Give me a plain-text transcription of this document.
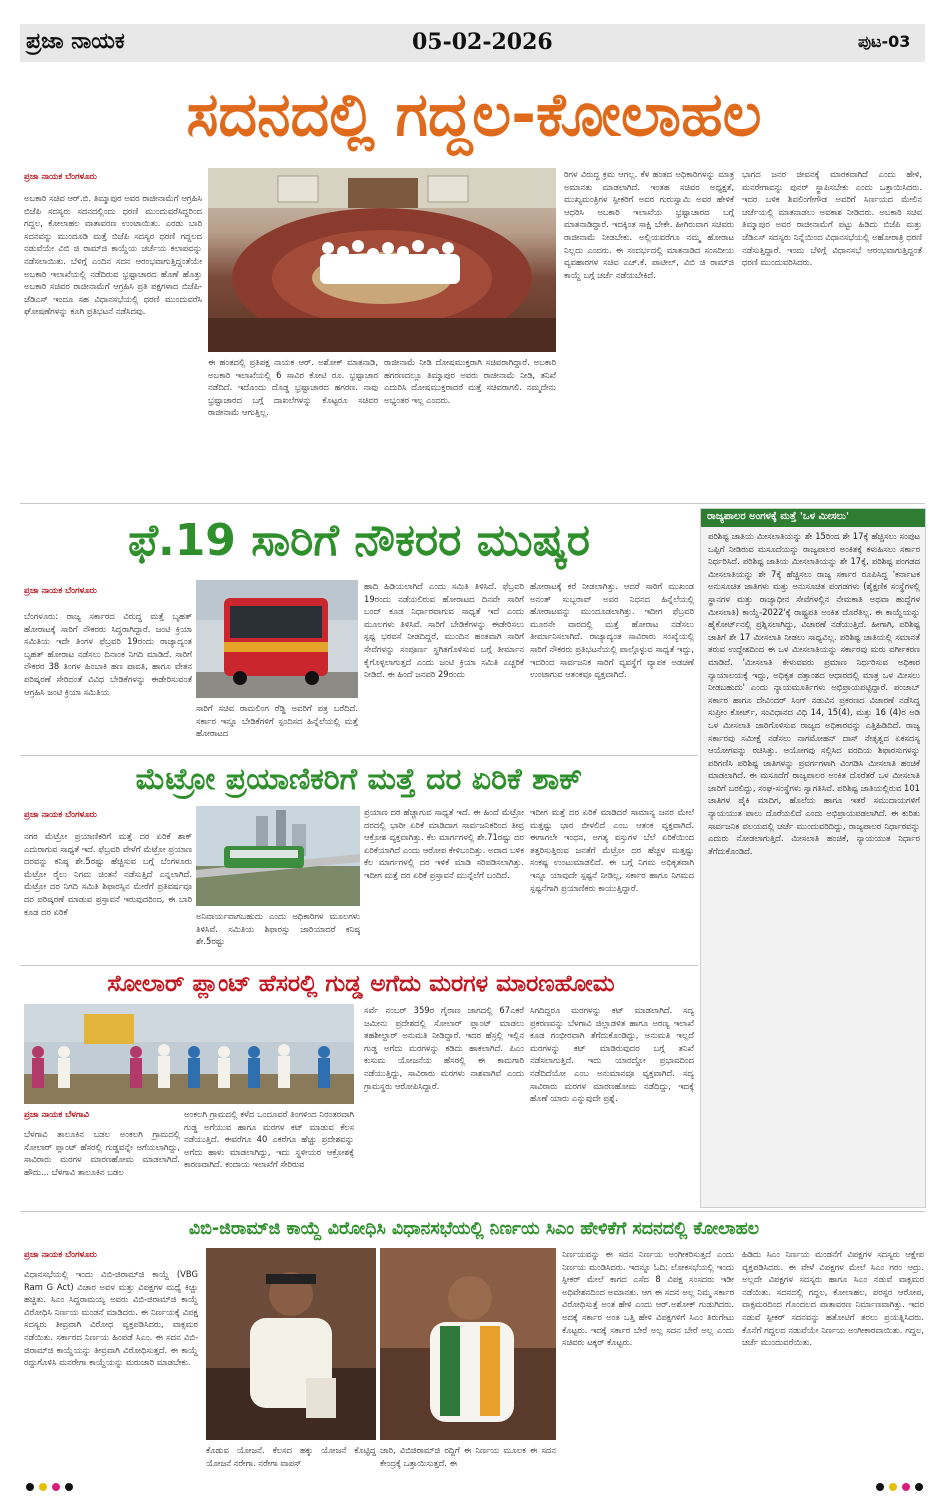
ಪ್ರಜಾ ನಾಯಕ	05-02-2026	ಪುಟ-03
ಸದನದಲ್ಲಿ ಗದ್ದಲ-ಕೋಲಾಹಲ
ಪ್ರಜಾ ನಾಯಕ ಬೆಂಗಳೂರು
ಅಬಕಾರಿ ಸಚಿವ ಆರ್.ಬಿ. ತಿಮ್ಮಾಪುರ ಅವರ ರಾಜೀನಾಮೆಗೆ ಆಗ್ರಹಿಸಿ ಬಿಜೆಪಿ ಸದಸ್ಯರು ಸದನದಲ್ಲಿಂದು ಧರಣಿ ಮುಂದುವರೆಸಿದ್ದರಿಂದ ಗದ್ದಲ, ಕೋಲಾಹಲ ವಾತಾವರಣ ಉಂಟಾಯಿತು. ಎರಡು ಬಾರಿ ಸದನವನ್ನು ಮುಂದೂಡಿ ಮತ್ತೆ ಬಿಜೆಪಿ ಸದಸ್ಯರ ಧರಣಿ ಗದ್ದಲದ ನಡುವೆಯೇ ವಿಬಿ ಜಿ ರಾಮ್‌ಜಿ ಕಾಯ್ದೆಯ ಚರ್ಚೆಯ ಕಲಾಪವನ್ನು ನಡೆಸಲಾಯಿತು. ಬೆಳಿಗ್ಗೆ ಎಂದಿನ ಸದನ ಆರಂಭವಾಗುತ್ತಿದ್ದಂತೆಯೇ ಅಬಕಾರಿ ಇಲಾಖೆಯಲ್ಲಿ ನಡೆದಿರುವ ಭ್ರಷ್ಟಾಚಾರದ ಹೊಣೆ ಹೊತ್ತು ಅಬಕಾರಿ ಸಚಿವರ ರಾಜೀನಾಮೆಗೆ ಆಗ್ರಹಿಸಿ ಪ್ರತಿ ಪಕ್ಷಗಳಾದ ಬಿಜೆಪಿ-ಜೆಡಿಎಸ್ ಇಂದೂ ಸಹ ವಿಧಾನಸಭೆಯಲ್ಲಿ ಧರಣಿ ಮುಂದುವರೆಸಿ ಘೋಷಣೆಗಳನ್ನು ಕೂಗಿ ಪ್ರತಿಭಟನೆ ನಡೆಸಿದವು.
ಈ ಹಂತದಲ್ಲಿ ಪ್ರತಿಪಕ್ಷ ನಾಯಕ ಆರ್. ಅಶೋಕ್ ಮಾತನಾಡಿ, ಅಬಕಾರಿ ಇಲಾಖೆಯಲ್ಲಿ 6 ಸಾವಿರ ಕೋಟಿ ರೂ. ಭ್ರಷ್ಟಾಚಾರ ನಡೆದಿದೆ. ಇದೊಂದು ದೊಡ್ಡ ಭ್ರಷ್ಟಾಚಾರದ ಹಗರಣ. ನಾವು ಭ್ರಷ್ಟಾಚಾರದ ಬಗ್ಗೆ ದಾಖಲೆಗಳನ್ನು ಕೊಟ್ಟರೂ ಸಚಿವರ ರಾಜೀನಾಮೆ ಆಗುತ್ತಿಲ್ಲ.
ರಾಜೀನಾಮೆ ನೀಡಿ ದೋಷಮುಕ್ತರಾಗಿ ಸಚಿವರಾಗಿದ್ದಾರೆ. ಅಬಕಾರಿ ಹಗರಣದಲ್ಲೂ ತಿಮ್ಮಾಪುರ ಅವರು ರಾಜೀನಾಮೆ ನೀಡಿ, ತನಿಖೆ ಎದುರಿಸಿ ದೋಷಮುಕ್ತರಾದರೆ ಮತ್ತೆ ಸಚಿವರಾಗಲಿ. ನಮ್ಮದೇನು ಅಭ್ಯಂತರ ಇಲ್ಲ ಎಂದರು.
ರಿಗಳ ವಿರುದ್ಧ ಕ್ರಮ ಆಗಲ್ಲ. ಕೆಳ ಹಂತದ ಅಧಿಕಾರಿಗಳನ್ನು ಮಾತ್ರ ಅಮಾನತು ಮಾಡಲಾಗಿದೆ. ಇಂತಹ ಸಚಿವರ ಅಧ್ಯಕ್ಷತೆ, ಮುಖ್ಯಮಂತ್ರಿಗಳ ಸ್ಪೀಕರಿಗೆ ಅವರ ಗುರುಸ್ವಾಮಿ ಅವರ ಹೇಳಿಕೆ ಆಧರಿಸಿ ಅಬಕಾರಿ ಇಲಾಖೆಯ ಭ್ರಷ್ಟಾಚಾರದ ಬಗ್ಗೆ ಮಾತನಾಡಿದ್ದಾರೆ. ಇದಕ್ಕಿಂತ ಸಾಕ್ಷಿ ಬೇಕೇ. ಹೀಗಿರುವಾಗ ಸಚಿವರು ರಾಜೀನಾಮೆ ನೀಡಬೇಕು. ಅಲ್ಲಿಯವರೆಗೂ ನಮ್ಮ ಹೋರಾಟ ನಿಲ್ಲದು ಎಂದರು. ಈ ಸಂದರ್ಭದಲ್ಲಿ ಮಾತನಾಡಿದ ಸಂಸದೀಯ ವ್ಯವಹಾರಗಳ ಸಚಿವ ಎಚ್.ಕೆ. ಪಾಟೀಲ್, ವಿಬಿ ಜಿ ರಾಮ್‌ಜಿ ಕಾಯ್ದೆ ಬಗ್ಗೆ ಚರ್ಚೆ ನಡೆಯಬೇಕಿದೆ.
ಭಾಗದ ಜನರ ಜೀವನಕ್ಕೆ ಮಾರಕವಾಗಿದೆ ಎಂದು ಹೇಳಿ, ಮನರೇಗಾವನ್ನು ಪುನರ್ ಸ್ಥಾಪಿಸಬೇಕು ಎಂದು ಒತ್ತಾಯಿಸಿದರು. ಇದರ ಬಳಿಕ ಶಿವಲಿಂಗೇಗೌಡ ಅವರಿಗೆ ಸಿರ್ಣಯದ ಮೇಲಿನ ಚರ್ಚೆಯಲ್ಲಿ ಮಾತನಾಡಲು ಅವಕಾಶ ನೀಡಿದರು. ಅಬಕಾರಿ ಸಚಿವ ತಿಮ್ಮಾಪುರ ಅವರ ರಾಜೀನಾಮೆಗೆ ಪಟ್ಟು ಹಿಡಿದು ಬಿಜೆಪಿ ಮತ್ತು ಜೆಡಿಎಸ್ ಸದಸ್ಯರು ನಿನ್ನೆಯಿಂದ ವಿಧಾನಸಭೆಯಲ್ಲಿ ಅಹೋರಾತ್ರಿ ಧರಣಿ ನಡೆಸುತ್ತಿದ್ದಾರೆ. ಇಂದು ಬೆಳಿಗ್ಗೆ ವಿಧಾನಸಭೆ ಆರಂಭವಾಗುತ್ತಿದ್ದಂತೆ ಧರಣಿ ಮುಂದುವರಿಸಿದರು.
ಫೆ.19 ಸಾರಿಗೆ ನೌಕರರ ಮುಷ್ಕರ
ಪ್ರಜಾ ನಾಯಕ ಬೆಂಗಳೂರು
ಬೆಂಗಳೂರು: ರಾಜ್ಯ ಸರ್ಕಾರದ ವಿರುದ್ಧ ಮತ್ತೆ ಬೃಹತ್ ಹೋರಾಟಕ್ಕೆ ಸಾರಿಗೆ ನೌಕರರು ಸಿದ್ಧರಾಗಿದ್ದಾರೆ. ಜಂಟಿ ಕ್ರಿಯಾ ಸಮಿತಿಯ ಇದೇ ತಿಂಗಳ ಫೆಬ್ರವರಿ 19ರಂದು ರಾಜ್ಯಾದ್ಯಂತ ಬೃಹತ್ ಹೋರಾಟ ನಡೆಸಲು ದಿನಾಂಕ ನಿಗದಿ ಮಾಡಿದೆ. ಸಾರಿಗೆ ನೌಕರರ 38 ತಿಂಗಳ ಹಿಂಬಾಕಿ ಹಣ ಪಾವತಿ, ಹಾಗೂ ವೇತನ ಪರಿಷ್ಕರಣೆ ಸೇರಿದಂತೆ ವಿವಿಧ ಬೇಡಿಕೆಗಳನ್ನು ಈಡೇರಿಸುವಂತೆ ಆಗ್ರಹಿಸಿ ಜಂಟಿ ಕ್ರಿಯಾ ಸಮಿತಿಯ
ಸಾರಿಗೆ ಸಚಿವ ರಾಮಲಿಂಗ ರೆಡ್ಡಿ ಅವರಿಗೆ ಪತ್ರ ಬರೆದಿದೆ. ಸರ್ಕಾರ ಇನ್ನೂ ಬೇಡಿಕೆಗಳಿಗೆ ಸ್ಪಂದಿಸದ ಹಿನ್ನೆಲೆಯಲ್ಲಿ ಮತ್ತೆ ಹೋರಾಟದ
ಹಾದಿ ಹಿಡಿಯಲಾಗಿದೆ ಎಂದು ಸಮಿತಿ ತಿಳಿಸಿದೆ. ಫೆಬ್ರವರಿ 19ರಂದು ನಡೆಯಲಿರುವ ಹೋರಾಟದ ದಿನವೇ ಸಾರಿಗೆ ಬಂದ್ ಕೂಡ ನಿರ್ಧಾರವಾಗುವ ಸಾಧ್ಯತೆ ಇದೆ ಎಂದು ಮೂಲಗಳು ತಿಳಿಸಿವೆ. ಸಾರಿಗೆ ಬೇಡಿಕೆಗಳನ್ನು ಈಡೇರಿಸಲು ಸ್ಪಷ್ಟ ಭರವಸೆ ನೀಡದಿದ್ದರೆ, ಮುಂದಿನ ಹಂತವಾಗಿ ಸಾರಿಗೆ ಸೇವೆಗಳನ್ನು ಸಂಪೂರ್ಣ ಸ್ಥಗಿತಗೊಳಿಸುವ ಬಗ್ಗೆ ತೀರ್ಮಾನ ಕೈಗೊಳ್ಳಲಾಗುತ್ತದೆ ಎಂದು ಜಂಟಿ ಕ್ರಿಯಾ ಸಮಿತಿ ಎಚ್ಚರಿಕೆ ನೀಡಿದೆ. ಈ ಹಿಂದೆ ಜನವರಿ 29ರಂದು
ಹೋರಾಟಕ್ಕೆ ಕರೆ ನೀಡಲಾಗಿತ್ತು. ಆದರೆ ಸಾರಿಗೆ ಮುಖಂಡ ಅನಂತ್ ಸುಬ್ಬರಾವ್ ಅವರ ನಿಧನದ ಹಿನ್ನೆಲೆಯಲ್ಲಿ ಹೋರಾಟವನ್ನು ಮುಂದೂಡಲಾಗಿತ್ತು. ಇದೀಗ ಫೆಬ್ರವರಿ ಮೂರನೇ ವಾರದಲ್ಲಿ ಮತ್ತೆ ಹೋರಾಟ ನಡೆಸಲು ತೀರ್ಮಾನಿಸಲಾಗಿದೆ. ರಾಜ್ಯಾದ್ಯಂತ ಸಾವಿರಾರು ಸಂಖ್ಯೆಯಲ್ಲಿ ಸಾರಿಗೆ ನೌಕರರು ಪ್ರತಿಭಟನೆಯಲ್ಲಿ ಪಾಲ್ಗೊಳ್ಳುವ ಸಾಧ್ಯತೆ ಇದ್ದು, ಇದರಿಂದ ಸಾರ್ವಜನಿಕ ಸಾರಿಗೆ ವ್ಯವಸ್ಥೆಗೆ ವ್ಯಾಪಕ ಅಡಚಣೆ ಉಂಟಾಗುವ ಆತಂಕವೂ ವ್ಯಕ್ತವಾಗಿದೆ.
ಮೆಟ್ರೋ ಪ್ರಯಾಣಿಕರಿಗೆ ಮತ್ತೆ ದರ ಏರಿಕೆ ಶಾಕ್
ಪ್ರಜಾ ನಾಯಕ ಬೆಂಗಳೂರು
ನಗರ ಮೆಟ್ರೋ ಪ್ರಯಾಣಿಕರಿಗೆ ಮತ್ತೆ ದರ ಏರಿಕೆ ಶಾಕ್ ಎದುರಾಗುವ ಸಾಧ್ಯತೆ ಇದೆ. ಫೆಬ್ರವರಿ ವೇಳೆಗೆ ಮೆಟ್ರೋ ಪ್ರಯಾಣ ದರವನ್ನು ಕನಿಷ್ಠ ಶೇ.5ರಷ್ಟು ಹೆಚ್ಚಿಸುವ ಬಗ್ಗೆ ಬೆಂಗಳೂರು ಮೆಟ್ರೋ ರೈಲು ನಿಗಮ ಚಿಂತನೆ ನಡೆಸುತ್ತಿದೆ ಎನ್ನಲಾಗಿದೆ. ಮೆಟ್ರೋ ದರ ನಿಗದಿ ಸಮಿತಿ ಶಿಫಾರಸ್ಸಿನ ಮೇರೆಗೆ ಪ್ರತಿವರ್ಷವೂ ದರ ಪರಿಷ್ಕರಣೆ ಮಾಡುವ ಪ್ರಸ್ತಾವನೆ ಇರುವುದರಿಂದ, ಈ ಬಾರಿ ಕೂಡ ದರ ಏರಿಕೆ	ಅನಿವಾರ್ಯವಾಗಬಹುದು ಎಂದು ಅಧಿಕಾರಿಗಳ ಮೂಲಗಳು ತಿಳಿಸಿವೆ. ಸಮಿತಿಯ ಶಿಫಾರಸ್ಸು ಜಾರಿಯಾದರೆ ಕನಿಷ್ಠ ಶೇ.5ರಷ್ಟು
ಪ್ರಯಾಣ ದರ ಹೆಚ್ಚಾಗುವ ಸಾಧ್ಯತೆ ಇದೆ. ಈ ಹಿಂದೆ ಮೆಟ್ರೋ ದರದಲ್ಲಿ ಭಾರೀ ಏರಿಕೆ ಮಾಡಿದಾಗ ಸಾರ್ವಜನಿಕರಿಂದ ತೀವ್ರ ಆಕ್ರೋಶ ವ್ಯಕ್ತವಾಗಿತ್ತು. ಕೆಲ ಮಾರ್ಗಗಳಲ್ಲಿ ಶೇ.71ರಷ್ಟು ದರ ಏರಿಕೆಯಾಗಿದೆ ಎಂದು ಆರೋಪ ಕೇಳಿಬಂದಿತ್ತು. ಅದಾದ ಬಳಿಕ ಕೆಲ ಮಾರ್ಗಗಳಲ್ಲಿ ದರ ಇಳಿಕೆ ಮಾಡಿ ಸರಿಪಡಿಸಲಾಗಿತ್ತು. ಇದೀಗ ಮತ್ತೆ ದರ ಏರಿಕೆ ಪ್ರಸ್ತಾವನೆ ಮುನ್ನೆಲೆಗೆ ಬಂದಿದೆ.
ಇದೀಗ ಮತ್ತೆ ದರ ಏರಿಕೆ ಮಾಡಿದರೆ ಸಾಮಾನ್ಯ ಜನರ ಮೇಲೆ ಮತ್ತಷ್ಟು ಭಾರ ಬೀಳಲಿದೆ ಎಂಬ ಆತಂಕ ವ್ಯಕ್ತವಾಗಿದೆ. ಈಗಾಗಲೇ ಇಂಧನ, ಅಗತ್ಯ ವಸ್ತುಗಳ ಬೆಲೆ ಏರಿಕೆಯಿಂದ ತತ್ತರಿಸುತ್ತಿರುವ ಜನತೆಗೆ ಮೆಟ್ರೋ ದರ ಹೆಚ್ಚಳ ಮತ್ತಷ್ಟು ಸಂಕಷ್ಟ ಉಂಟುಮಾಡಲಿದೆ. ಈ ಬಗ್ಗೆ ನಿಗಮ ಅಧಿಕೃತವಾಗಿ ಇನ್ನೂ ಯಾವುದೇ ಸ್ಪಷ್ಟನೆ ನೀಡಿಲ್ಲ, ಸರ್ಕಾರ ಹಾಗೂ ನಿಗಮದ ಸ್ಪಷ್ಟನೆಗಾಗಿ ಪ್ರಯಾಣಿಕರು ಕಾಯುತ್ತಿದ್ದಾರೆ.
ಸೋಲಾರ್ ಪ್ಲಾಂಟ್ ಹೆಸರಲ್ಲಿ ಗುಡ್ಡ ಅಗೆದು ಮರಗಳ ಮಾರಣಹೋಮ
ಪ್ರಜಾ ನಾಯಕ ಬೆಳಗಾವಿ
ಬೆಳಗಾವಿ ತಾಲೂಕಿನ ಬಡಲ ಅಂಕಲಗಿ ಗ್ರಾಮದಲ್ಲಿ ಸೋಲಾರ್ ಪ್ಲಾಂಟ್ ಹೆಸರಲ್ಲಿ ಗುಡ್ಡವನ್ನೇ ಅಗೆಯಲಾಗಿದ್ದು, ಸಾವಿರಾರು ಮರಗಳ ಮಾರಣಹೋಮ ಮಾಡಲಾಗಿದೆ. ಹೌದು... ಬೆಳಗಾವಿ ತಾಲೂಕಿನ ಬಡಲ
ಅಂಕಲಗಿ ಗ್ರಾಮದಲ್ಲಿ ಕಳೆದ ಒಂದೂವರೆ ತಿಂಗಳಿಂದ ನಿರಂತರವಾಗಿ ಗುಡ್ಡ ಅಗೆಯುವ ಹಾಗೂ ಮರಗಳ ಕಟ್ ಮಾಡುವ ಕೆಲಸ ನಡೆಯುತ್ತಿದೆ. ಈವರೆಗೂ 40 ಎಕರೆಗೂ ಹೆಚ್ಚು ಪ್ರದೇಶವನ್ನು ಅಗೆದು ಹಾಳು ಮಾಡಲಾಗಿದ್ದು, ಇದು ಸ್ಥಳೀಯರ ಆಕ್ರೋಶಕ್ಕೆ ಕಾರಣವಾಗಿದೆ. ಕಂದಾಯ ಇಲಾಖೆಗೆ ಸೇರಿರುವ
ಸರ್ವೆ ನಂಬರ್ 359ರ ಗೈರಾಣ ಜಾಗದಲ್ಲಿ 67ಎಕರೆ ಜಮೀನು ಪ್ರದೇಶದಲ್ಲಿ ಸೋಲಾರ್ ಪ್ಲಾಂಟ್ ಮಾಡಲು ತಹಶೀಲ್ದಾರ್ ಅನುಮತಿ ನೀಡಿದ್ದಾರೆ. ಇದರ ಹೆಸ್ರಲ್ಲಿ ಇಲ್ಲಿನ ಗುಡ್ಡ ಅಗೆದು ಮರಗಳನ್ನು ಕಡಿದು ಹಾಕಲಾಗಿದೆ. ಪಿಎಂ ಕುಸುಮ ಯೋಜನೆಯ ಹೆಸರಲ್ಲಿ ಈ ಕಾಮಗಾರಿ ನಡೆಯುತ್ತಿದ್ದು, ಸಾವಿರಾರು ಮರಗಳು ನಾಶವಾಗಿವೆ ಎಂದು ಗ್ರಾಮಸ್ಥರು ಆರೋಪಿಸಿದ್ದಾರೆ.
ಸಿಗದಿದ್ದರೂ ಮರಗಳನ್ನು ಕಟ್ ಮಾಡಲಾಗಿದೆ. ಸದ್ಯ ಪ್ರಕರಣವನ್ನು ಬೆಳಗಾವಿ ಜಿಲ್ಲಾಡಳಿತ ಹಾಗೂ ಅರಣ್ಯ ಇಲಾಖೆ ಕೂಡ ಗಂಭೀರವಾಗಿ ತೆಗೆದುಕೊಂಡಿದ್ದು, ಅನುಮತಿ ಇಲ್ಲದೆ ಮರಗಳನ್ನು ಕಟ್ ಮಾಡಿರುವುದರ ಬಗ್ಗೆ ತನಿಖೆ ನಡೆಸಲಾಗುತ್ತಿದೆ. ಇದು ಯಾರದ್ದೋ ಪ್ರಭಾವದಿಂದ ನಡೆದಿದೆಯೋ ಎಂಬ ಅನುಮಾನವೂ ವ್ಯಕ್ತವಾಗಿದೆ. ಸದ್ಯ ಸಾವಿರಾರು ಮರಗಳ ಮಾರಣಹೋಮ ನಡೆದಿದ್ದು, ಇದಕ್ಕೆ ಹೊಣೆ ಯಾರು ಎನ್ನುವುದೇ ಪ್ರಶ್ನೆ.
ರಾಜ್ಯಪಾಲರ ಅಂಗಳಕ್ಕೆ ಮತ್ತೆ 'ಒಳ ಮೀಸಲು'
ಪರಿಶಿಷ್ಟ ಜಾತಿಯ ಮೀಸಲಾತಿಯನ್ನು ಶೇ 15ರಿಂದ ಶೇ 17ಕ್ಕೆ ಹೆಚ್ಚಿಸಲು ಸಂಪುಟ ಒಪ್ಪಿಗೆ ನೀಡಿರುವ ಮಸೂದೆಯನ್ನು ರಾಜ್ಯಪಾಲರ ಅಂಕಿತಕ್ಕೆ ಕಳುಹಿಸಲು ಸರ್ಕಾರ ನಿರ್ಧರಿಸಿದೆ. ಪರಿಶಿಷ್ಟ ಜಾತಿಯ ಮೀಸಲಾತಿಯನ್ನು ಶೇ 17ಕ್ಕೆ, ಪರಿಶಿಷ್ಟ ಪಂಗಡದ ಮೀಸಲಾತಿಯನ್ನು ಶೇ 7ಕ್ಕೆ ಹೆಚ್ಚಿಸಲು ರಾಜ್ಯ ಸರ್ಕಾರ ರೂಪಿಸಿದ್ದ 'ಕರ್ನಾಟಕ ಅನುಸೂಚಿತ ಜಾತಿಗಳು ಮತ್ತು ಅನುಸೂಚಿತ ಪಂಗಡಗಳು (ಶೈಕ್ಷಣಿಕ ಸಂಸ್ಥೆಗಳಲ್ಲಿ ಸ್ಥಾನಗಳ ಮತ್ತು ರಾಜ್ಯಾಧೀನ ಸೇವೆಗಳಲ್ಲಿನ ನೇಮಕಾತಿ ಅಥವಾ ಹುದ್ದೆಗಳ ಮೀಸಲಾತಿ) ಕಾಯ್ದೆ-2022'ಕ್ಕೆ ರಾಷ್ಟ್ರಪತಿ ಅಂಕಿತ ದೊರೆತಿಲ್ಲ. ಈ ಕಾಯ್ದೆಯನ್ನು ಹೈಕೋರ್ಟ್‌ನಲ್ಲಿ ಪ್ರಶ್ನಿಸಲಾಗಿದ್ದು, ವಿಚಾರಣೆ ನಡೆಯುತ್ತಿದೆ. ಹೀಗಾಗಿ, ಪರಿಶಿಷ್ಟ ಜಾತಿಗೆ ಶೇ 17 ಮೀಸಲಾತಿ ನೀಡಲು ಸಾಧ್ಯವಿಲ್ಲ. ಪರಿಶಿಷ್ಟ ಜಾತಿಯಲ್ಲಿ ಸಮಾನತೆ ತರುವ ಉದ್ದೇಶದಿಂದ ಈ ಒಳ ಮೀಸಲಾತಿಯನ್ನು ಸರ್ಕಾರವು ಮರು ವರ್ಗೀಕರಣ ಮಾಡಿದೆ. 'ಮೀಸಲಾತಿ ಕೇಳುವವರು ಪ್ರಮಾಣ ನಿರ್ಧರಿಸುವ ಅಧಿಕಾರ ನ್ಯಾಯಾಲಯಕ್ಕೆ ಇದ್ದು, ಅಧಿಕೃತ ದತ್ತಾಂಶದ ಆಧಾರದಲ್ಲಿ ಮಾತ್ರ ಒಳ ಮೀಸಲು ನೀಡಬಹುದು' ಎಂದು ನ್ಯಾಯಮೂರ್ತಿಗಳು ಅಭಿಪ್ರಾಯಪಟ್ಟಿದ್ದಾರೆ. ಪಂಜಾಬ್ ಸರ್ಕಾರ ಹಾಗೂ ದೇವಿಂದರ್ ಸಿಂಗ್ ನಡುವಿನ ಪ್ರಕರಣದ ವಿಚಾರಣೆ ನಡೆಸಿದ್ದ ಸುಪ್ರೀಂ ಕೋರ್ಟ್, ಸಂವಿಧಾನದ ವಿಧಿ 14, 15(4), ಮತ್ತು 16 (4)ರ ಅಡಿ ಒಳ ಮೀಸಲಾತಿ ಜಾರಿಗೊಳಿಸುವ ರಾಜ್ಯದ ಅಧಿಕಾರವನ್ನು ಎತ್ತಿಹಿಡಿದಿದೆ. ರಾಜ್ಯ ಸರ್ಕಾರವು ಸಮೀಕ್ಷೆ ನಡೆಸಲು ನಾಗಮೋಹನ್ ದಾಸ್ ನೇತೃತ್ವದ ಏಕಸದಸ್ಯ ಆಯೋಗವನ್ನು ರಚಿಸಿತ್ತು. ಆಯೋಗವು ಸಲ್ಲಿಸಿದ ವರದಿಯ ಶಿಫಾರಸುಗಳನ್ನು ಪರಿಗಣಿಸಿ ಪರಿಶಿಷ್ಟ ಜಾತಿಗಳನ್ನು ಪ್ರವರ್ಗಗಳಾಗಿ ವಿಂಗಡಿಸಿ ಮೀಸಲಾತಿ ಹಂಚಿಕೆ ಮಾಡಲಾಗಿದೆ. ಈ ಮಸೂದೆಗೆ ರಾಜ್ಯಪಾಲರ ಅಂಕಿತ ದೊರೆತರೆ ಒಳ ಮೀಸಲಾತಿ ಜಾರಿಗೆ ಬರಲಿದ್ದು, ಸಂಘ-ಸಂಸ್ಥೆಗಳು ಸ್ವಾಗತಿಸಿವೆ. ಪರಿಶಿಷ್ಟ ಜಾತಿಯಲ್ಲಿರುವ 101 ಜಾತಿಗಳ ಪೈಕಿ ಮಾದಿಗ, ಹೊಲೆಯ ಹಾಗೂ ಇತರೆ ಸಮುದಾಯಗಳಿಗೆ ನ್ಯಾಯಯುತ ಪಾಲು ದೊರೆಯಲಿದೆ ಎಂದು ಅಭಿಪ್ರಾಯಪಡಲಾಗಿದೆ. ಈ ಕುರಿತು ಸಾರ್ವಜನಿಕ ವಲಯದಲ್ಲಿ ಚರ್ಚೆ ಮುಂದುವರಿದಿದ್ದು, ರಾಜ್ಯಪಾಲರ ನಿರ್ಧಾರವನ್ನು ಎದುರು ನೋಡಲಾಗುತ್ತಿದೆ. ಮೀಸಲಾತಿ ಹಂಚಿಕೆ, ನ್ಯಾಯಯುತ ನಿರ್ಧಾರ ತೆಗೆದುಕೊಂಡಿದೆ.
ವಿಬಿ-ಜಿರಾಮ್‌ಜಿ ಕಾಯ್ದೆ ವಿರೋಧಿಸಿ ವಿಧಾನಸಭೆಯಲ್ಲಿ ನಿರ್ಣಯ ಸಿಎಂ ಹೇಳಿಕೆಗೆ ಸದನದಲ್ಲಿ ಕೋಲಾಹಲ
ಪ್ರಜಾ ನಾಯಕ ಬೆಂಗಳೂರು
ವಿಧಾನಸಭೆಯಲ್ಲಿ ಇಂದು ವಿಬಿ-ಜಿರಾಮ್‌ಜಿ ಕಾಯ್ದೆ (VBG Ram G Act) ವಿಚಾರ ಅವಳ ಮತ್ತು ವಿಪಕ್ಷಗಳ ಮಧ್ಯೆ ಕಿಚ್ಚು ಹಚ್ಚಿತು. ಸಿಎಂ ಸಿದ್ದರಾಮಯ್ಯ ಅವರು ವಿಬಿ-ಜಿರಾಮ್‌ಜಿ ಕಾಯ್ದೆ ವಿರೋಧಿಸಿ ನಿರ್ಣಯ ಮಂಡನೆ ಮಾಡಿದರು. ಈ ನಿರ್ಣಯಕ್ಕೆ ವಿಪಕ್ಷ ಸದಸ್ಯರು ತೀವ್ರವಾಗಿ ವಿರೋಧ ವ್ಯಕ್ತಪಡಿಸಿದರು, ವಾಕ್ಸಮರ ನಡೆಯಿತು. ಸರ್ಕಾರದ ನಿರ್ಣಯ ಹಿಂಪಡೆ ಸಿಎಂ. ಈ ಸದನ ವಿಬಿ-ಜಿರಾಮ್‌ಜಿ ಕಾಯ್ದೆಯನ್ನು ತೀವ್ರವಾಗಿ ವಿರೋಧಿಸುತ್ತದೆ. ಈ ಕಾಯ್ದೆ ರದ್ದುಗೊಳಿಸಿ ಮನರೇಗಾ ಕಾಯ್ದೆಯನ್ನು ಮರುಜಾರಿ ಮಾಡಬೇಕು.
ಕೊಡುವ ಯೋಜನೆ. ಕೆಲಸದ ಹಕ್ಕು ಯೋಜನೆ ಕೊಟ್ಟಿದ್ದ ಯೋಜನೆ ನರೇಗಾ. ನರೇಗಾ ವಾಪಸ್
ಜಾರಿ, ವಿಬಿಜಿರಾಮ್‌ಜಿ ರದ್ದಿಗೆ ಈ ನಿರ್ಣಯ ಮೂಲಕ ಈ ಸದನ ಕೇಂದ್ರಕ್ಕೆ ಒತ್ತಾಯಿಸುತ್ತದೆ. ಈ
ನಿರ್ಣಯವನ್ನು ಈ ಸದನ ನಿರ್ಣಯ ಅಂಗೀಕರಿಸುತ್ತದೆ ಎಂದು ನಿರ್ಣಯ ಮಂಡಿಸಿದರು. ಇದನ್ನೂ ಓದಿ: ಲೋಕಸಭೆಯಲ್ಲಿ ಇಂದು ಸ್ಪೀಕರ್ ಮೇಲೆ ಕಾಗದ ಎಸೆದ 8 ವಿಪಕ್ಷ ಸಂಸದರು ಇಡೀ ಅಧಿವೇಶನದಿಂದ ಅಮಾನತು. ಆಗ ಈ ಸದನ ಅಲ್ಲ ನಿಮ್ಮ ಸರ್ಕಾರ ವಿರೋಧಿಸುತ್ತೆ ಅಂತ ಹೇಳಿ ಎಂದು ಆರ್.ಅಶೋಕ್ ಗುಡುಗಿದರು. ಅದಕ್ಕೆ ಸರ್ಕಾರ ಅಂತ ಒತ್ತಿ ಹೇಳಿ ವಿಪಕ್ಷಗಳಿಗೆ ಸಿಎಂ ತಿರುಗೇಟು ಕೊಟ್ಟರು. ಇದಕ್ಕೆ ಸರ್ಕಾರ ಬೇರೆ ಅಲ್ಲ ಸದನ ಬೇರೆ ಅಲ್ಲ ಎಂದು ಸಚಿವರು ಟಕ್ಕರ್ ಕೊಟ್ಟರು.
ಹಿಡಿದು ಸಿಎಂ ನಿರ್ಣಯ ಮಂಡನೆಗೆ ವಿಪಕ್ಷಗಳ ಸದಸ್ಯರು ಆಕ್ಷೇಪ ವ್ಯಕ್ತಪಡಿಸಿದರು. ಈ ವೇಳೆ ವಿಪಕ್ಷಗಳ ಮೇಲೆ ಸಿಎಂ ಗರಂ ಆದ್ರು. ಅಲ್ಲದೇ ವಿಪಕ್ಷಗಳ ಸದಸ್ಯರು ಹಾಗೂ ಸಿಎಂ ನಡುವೆ ವಾಕ್ಸಮರ ನಡೆಯಿತು. ಸದನದಲ್ಲಿ ಗದ್ದಲ, ಕೋಲಾಹಲ, ಪರಸ್ಪರ ಆರೋಪ, ವಾಕ್ಸಮರದಿಂದ ಗೊಂದಲದ ವಾತಾವರಣ ನಿರ್ಮಾಣವಾಗಿತ್ತು. ಇದರ ನಡುವೆ ಸ್ಪೀಕರ್ ಸದನವನ್ನು ಹತೋಟಿಗೆ ತರಲು ಪ್ರಯತ್ನಿಸಿದರು. ಕೊನೆಗೆ ಗದ್ದಲದ ನಡುವೆಯೇ ನಿರ್ಣಯ ಅಂಗೀಕಾರವಾಯಿತು. ಗದ್ದಲ, ಚರ್ಚೆ ಮುಂದುವರೆಯಿತು.
